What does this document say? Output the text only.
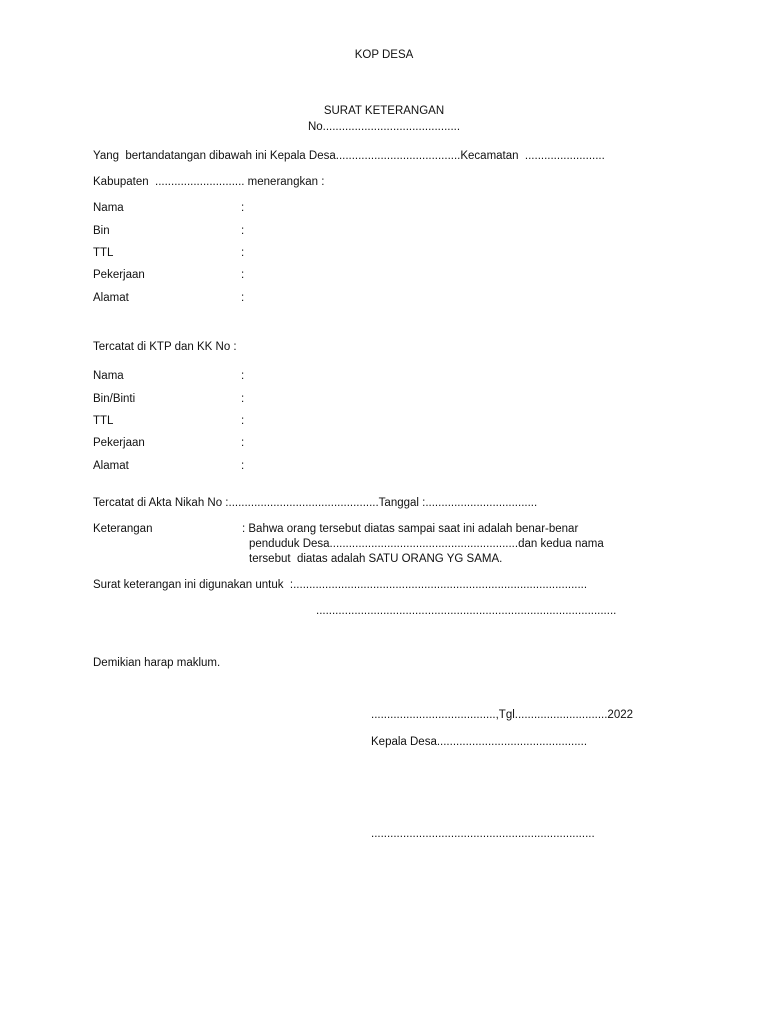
KOP DESA
SURAT KETERANGAN
No...........................................
Yang  bertandatangan dibawah ini Kepala Desa.......................................Kecamatan  .........................
Kabupaten  ............................ menerangkan :
Nama	:
Bin	:
TTL	:
Pekerjaan	:
Alamat	:
Tercatat di KTP dan KK No :
Nama	:
Bin/Binti	:
TTL	:
Pekerjaan	:
Alamat	:
Tercatat di Akta Nikah No :...............................................Tanggal :...................................
Keterangan	: Bahwa orang tersebut diatas sampai saat ini adalah benar-benar
penduduk Desa...........................................................dan kedua nama
tersebut  diatas adalah SATU ORANG YG SAMA.
Surat keterangan ini digunakan untuk  :............................................................................................
..............................................................................................
Demikian harap maklum.
.......................................,Tgl.............................2022
Kepala Desa...............................................
......................................................................
